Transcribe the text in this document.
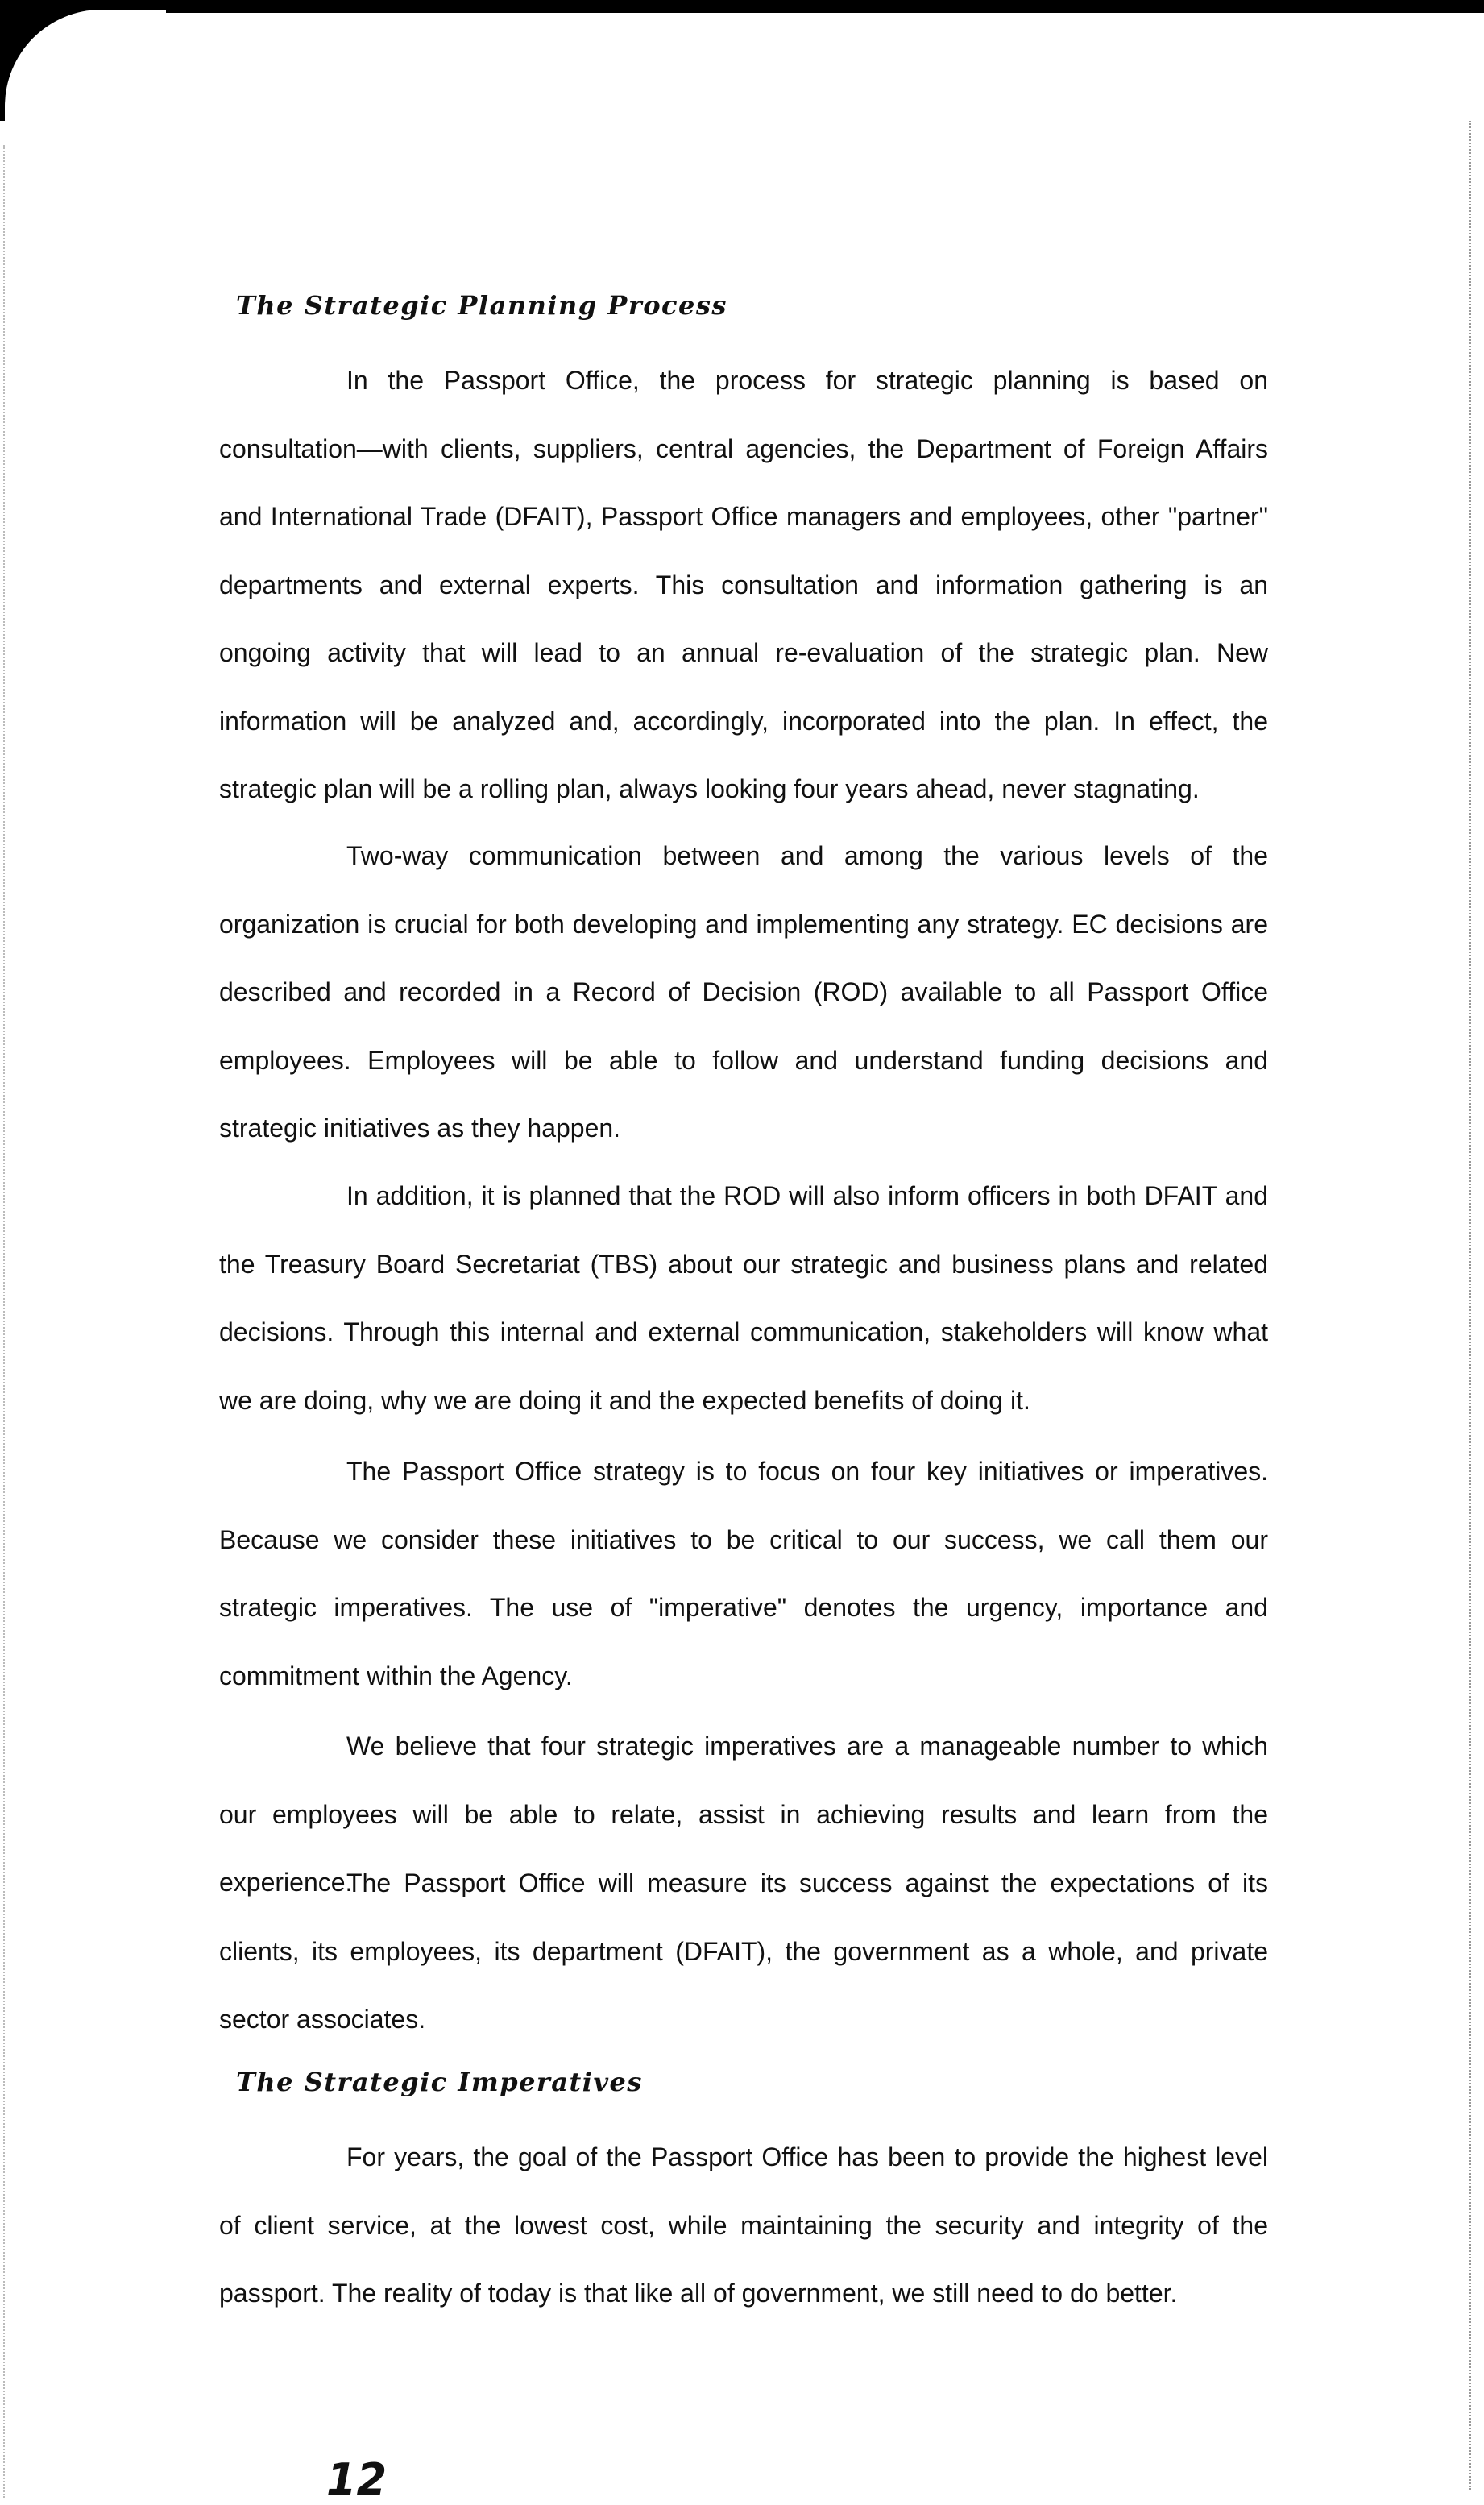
The Strategic Planning Process

In the Passport Office, the process for strategic planning is based on consultation—with clients, suppliers, central agencies, the Department of Foreign Affairs and International Trade (DFAIT), Passport Office managers and employees, other "partner" departments and external experts. This consultation and information gathering is an ongoing activity that will lead to an annual re-evaluation of the strategic plan. New information will be analyzed and, accordingly, incorporated into the plan. In effect, the strategic plan will be a rolling plan, always looking four years ahead, never stagnating.

Two-way communication between and among the various levels of the organization is crucial for both developing and implementing any strategy. EC decisions are described and recorded in a Record of Decision (ROD) available to all Passport Office employees. Employees will be able to follow and understand funding decisions and strategic initiatives as they happen.

In addition, it is planned that the ROD will also inform officers in both DFAIT and the Treasury Board Secretariat (TBS) about our strategic and business plans and related decisions. Through this internal and external communication, stakeholders will know what we are doing, why we are doing it and the expected benefits of doing it.

The Passport Office strategy is to focus on four key initiatives or imperatives. Because we consider these initiatives to be critical to our success, we call them our strategic imperatives. The use of "imperative" denotes the urgency, importance and commitment within the Agency.

We believe that four strategic imperatives are a manageable number to which our employees will be able to relate, assist in achieving results and learn from the experience.

The Passport Office will measure its success against the expectations of its clients, its employees, its department (DFAIT), the government as a whole, and private sector associates.

The Strategic Imperatives

For years, the goal of the Passport Office has been to provide the highest level of client service, at the lowest cost, while maintaining the security and integrity of the passport. The reality of today is that like all of government, we still need to do better.

12
